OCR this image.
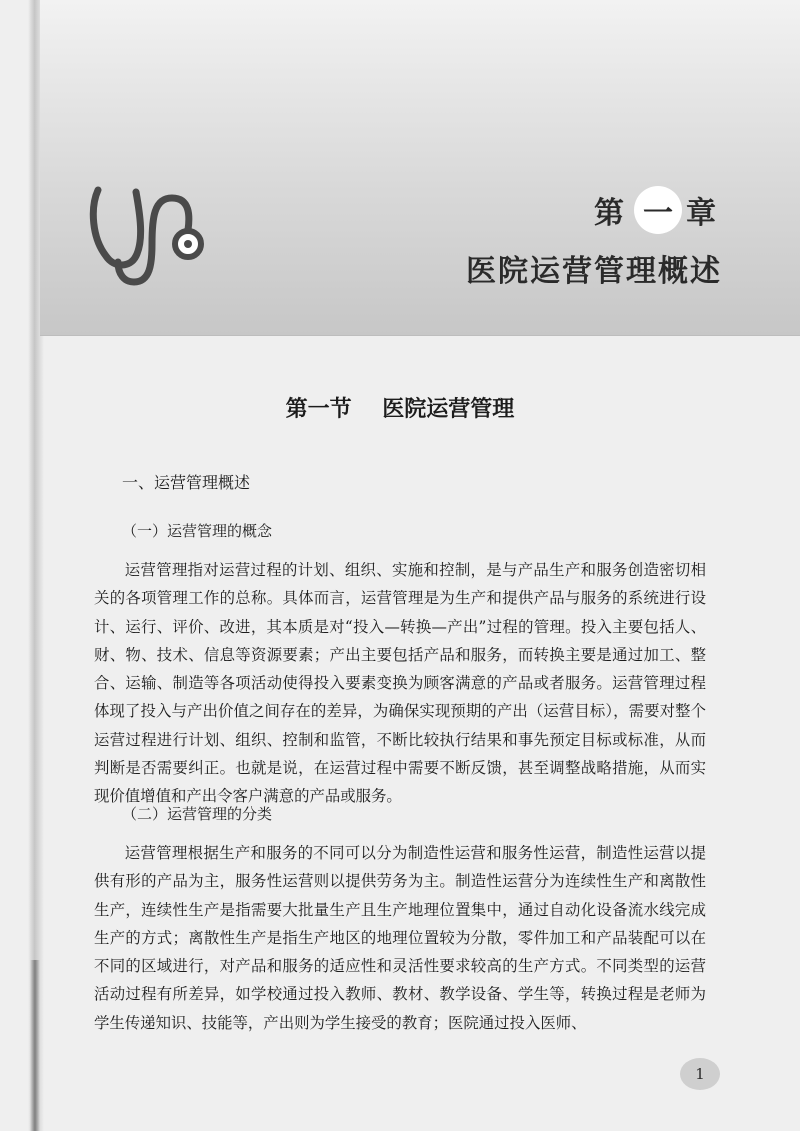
第 一 章
医院运营管理概述
第一节    医院运营管理
一、运营管理概述
（一）运营管理的概念

运营管理指对运营过程的计划、组织、实施和控制，是与产品生产和服务创造密切相关的各项管理工作的总称。具体而言，运营管理是为生产和提供产品与服务的系统进行设计、运行、评价、改进，其本质是对“投入—转换—产出”过程的管理。投入主要包括人、财、物、技术、信息等资源要素；产出主要包括产品和服务，而转换主要是通过加工、整合、运输、制造等各项活动使得投入要素变换为顾客满意的产品或者服务。运营管理过程体现了投入与产出价值之间存在的差异，为确保实现预期的产出（运营目标），需要对整个运营过程进行计划、组织、控制和监管，不断比较执行结果和事先预定目标或标准，从而判断是否需要纠正。也就是说，在运营过程中需要不断反馈，甚至调整战略措施，从而实现价值增值和产出令客户满意的产品或服务。

（二）运营管理的分类

运营管理根据生产和服务的不同可以分为制造性运营和服务性运营，制造性运营以提供有形的产品为主，服务性运营则以提供劳务为主。制造性运营分为连续性生产和离散性生产，连续性生产是指需要大批量生产且生产地理位置集中，通过自动化设备流水线完成生产的方式；离散性生产是指生产地区的地理位置较为分散，零件加工和产品装配可以在不同的区域进行，对产品和服务的适应性和灵活性要求较高的生产方式。不同类型的运营活动过程有所差异，如学校通过投入教师、教材、教学设备、学生等，转换过程是老师为学生传递知识、技能等，产出则为学生接受的教育；医院通过投入医师、

1
